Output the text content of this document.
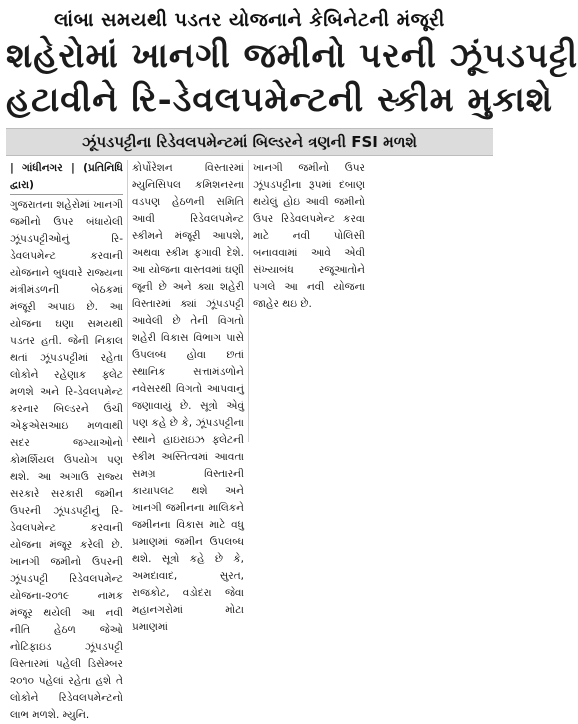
લાંબા સમયથી પડતર યોજનાને કેબિનેટની મંજૂરી
શહેરોમાં ખાનગી જમીનો પરની ઝૂંપડપટ્ટી
હટાવીને રિ-ડેવલપમેન્ટની સ્કીમ મુકાશે
ઝૂંપડપટ્ટીના રિડેવલપમેન્ટમાં બિલ્ડરને ત્રણની FSI મળશે
| ગાંધીનગર | (પ્રતિનિધિ દ્વારા)
ગુજરાતના શહેરોમાં ખાનગી જમીનો ઉપર બંધાયેલી ઝૂંપડપટ્ટીઓનું રિ-ડેવલપમેન્ટ કરવાની યોજનાને બુધવારે રાજ્યના મંત્રીમંડળની બેઠકમાં મંજૂરી અપાઇ છે. આ યોજના ઘણા સમયથી પડતર હતી. જેની નિકાલ થતાં ઝૂંપડપટ્ટીમાં રહેતા લોકોને રહેણાક ફ્લેટ મળશે અને રિ-ડેવલપમેન્ટ કરનાર બિલ્ડરને ઉંચી એફએસઆઇ મળવાથી સદર જગ્યાઓનો કોમર્શિયલ ઉપયોગ પણ થશે. આ અગાઉ રાજ્ય સરકારે સરકારી જમીન ઉપરની ઝૂંપડપટ્ટીનું રિ-ડેવલપમેન્ટ કરવાની યોજના મંજૂર કરેલી છે. ખાનગી જમીનો ઉપરની ઝૂંપડપટ્ટી રિડેવલપમેન્ટ યોજના-૨૦૧૯ નામક મંજૂર થયેલી આ નવી નીતિ હેઠળ જેઓ નોટિફાઇડ ઝૂંપડપટ્ટી વિસ્તારમાં પહેલી ડિસેમ્બર ૨૦૧૦ પહેલાં રહેતા હશે તે લોકોને રિડેવલપમેન્ટનો લાભ મળશે. મ્યુનિ.
કોર્પોરેશન વિસ્તારમાં મ્યુનિસિપલ કમિશનરના વડપણ હેઠળની સમિતિ આવી રિડેવલપમેન્ટ સ્કીમને મંજૂરી આપશે, અથવા સ્કીમ ફગાવી દેશે. આ યોજના વાસ્તવમાં ઘણી જૂની છે અને ક્યા શહેરી વિસ્તારમાં ક્યાં ઝૂંપડપટ્ટી આવેલી છે તેની વિગતો શહેરી વિકાસ વિભાગ પાસે ઉપલબ્ધ હોવા છતાં સ્થાનિક સત્તામંડળોને નવેસરથી વિગતો આપવાનું જણાવાયું છે. સૂત્રો એવું પણ કહે છે કે, ઝૂંપડપટ્ટીના સ્થાને હાઇરાઇઝ ફ્લેટની સ્કીમ અસ્તિત્વમાં આવતા સમગ્ર વિસ્તારની કાયાપલટ થશે અને ખાનગી જમીનના માલિકને જમીનના વિકાસ માટે વધુ પ્રમાણમાં જમીન ઉપલબ્ધ થશે. સૂત્રો કહે છે કે, અમદાવાદ, સુરત, રાજકોટ, વડોદરા જેવા મહાનગરોમાં મોટા પ્રમાણમાં
ખાનગી જમીનો ઉપર ઝૂંપડપટ્ટીના રૂપમાં દબાણ થયેલું હોઇ આવી જમીનો ઉપર રિડેવલપમેન્ટ કરવા માટે નવી પોલિસી બનાવવામાં આવે એવી સંખ્યાબંધ રજૂઆતોને પગલે આ નવી યોજના જાહેર થઇ છે.
